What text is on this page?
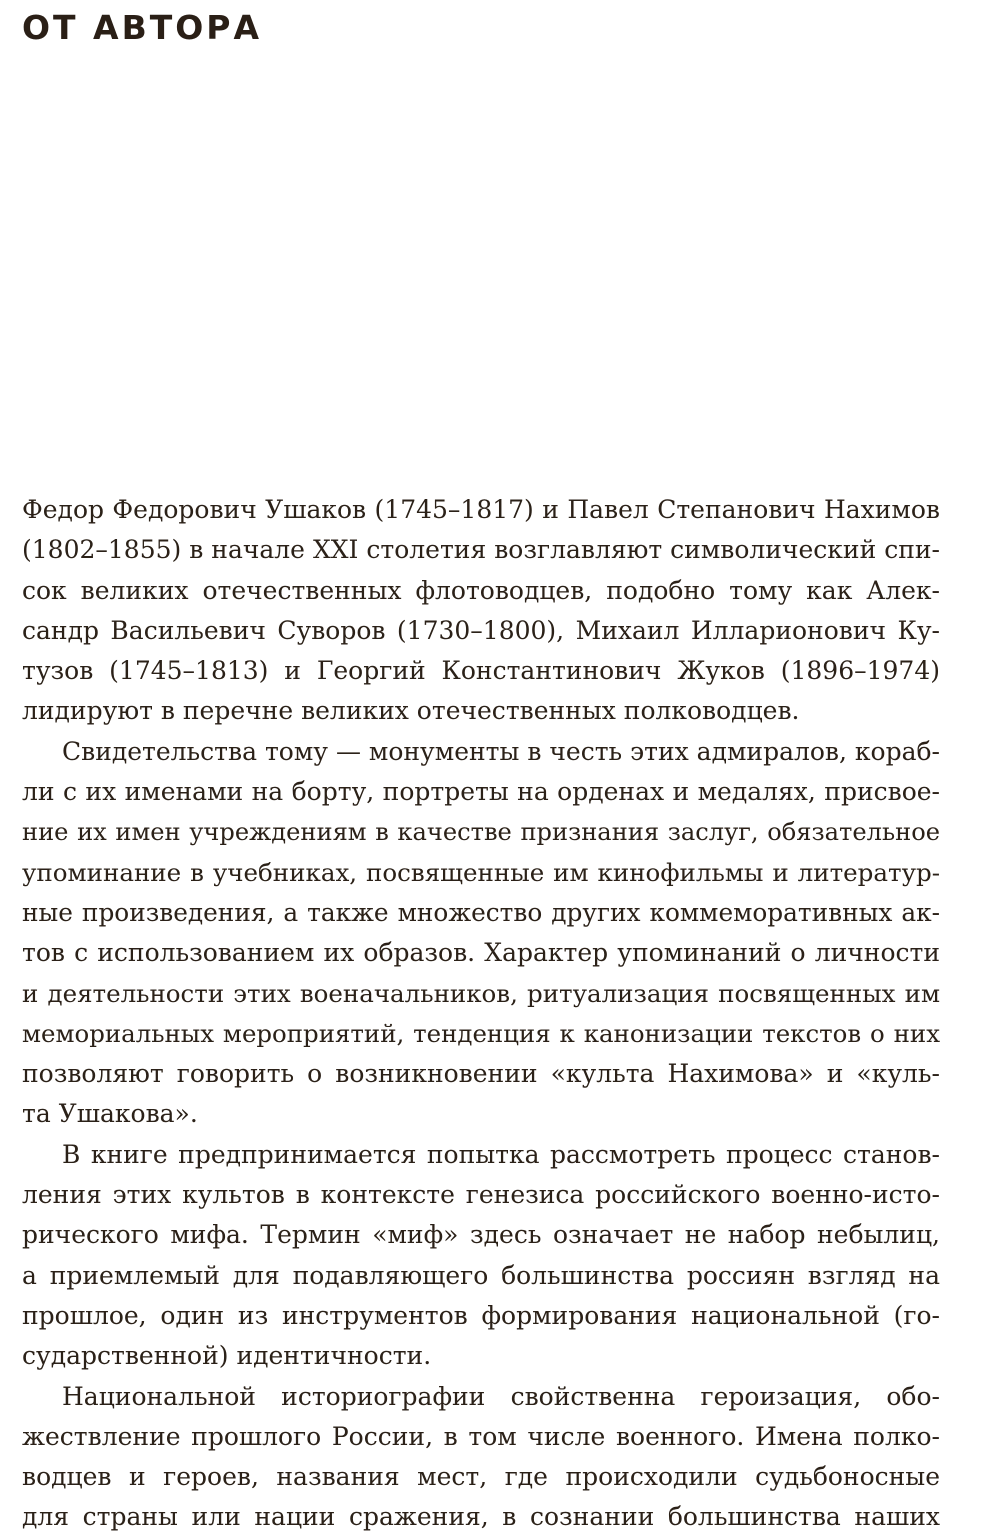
ОТ АВТОРА
Федор Федорович Ушаков (1745–1817) и Павел Степанович Нахимов
(1802–1855) в начале XXI столетия возглавляют символический спи-
сок великих отечественных флотоводцев, подобно тому как Алек-
сандр Васильевич Суворов (1730–1800), Михаил Илларионович Ку-
тузов (1745–1813) и Георгий Константинович Жуков (1896–1974)
лидируют в перечне великих отечественных полководцев.
Свидетельства тому — монументы в честь этих адмиралов, кораб-
ли с их именами на борту, портреты на орденах и медалях, присвое-
ние их имен учреждениям в качестве признания заслуг, обязательное
упоминание в учебниках, посвященные им кинофильмы и литератур-
ные произведения, а также множество других коммеморативных ак-
тов с использованием их образов. Характер упоминаний о личности
и деятельности этих военачальников, ритуализация посвященных им
мемориальных мероприятий, тенденция к канонизации текстов о них
позволяют говорить о возникновении «культа Нахимова» и «куль-
та Ушакова».
В книге предпринимается попытка рассмотреть процесс станов-
ления этих культов в контексте генезиса российского военно-исто-
рического мифа. Термин «миф» здесь означает не набор небылиц,
а приемлемый для подавляющего большинства россиян взгляд на
прошлое, один из инструментов формирования национальной (го-
сударственной) идентичности.
Национальной историографии свойственна героизация, обо-
жествление прошлого России, в том числе военного. Имена полко-
водцев и героев, названия мест, где происходили судьбоносные
для страны или нации сражения, в сознании большинства наших
